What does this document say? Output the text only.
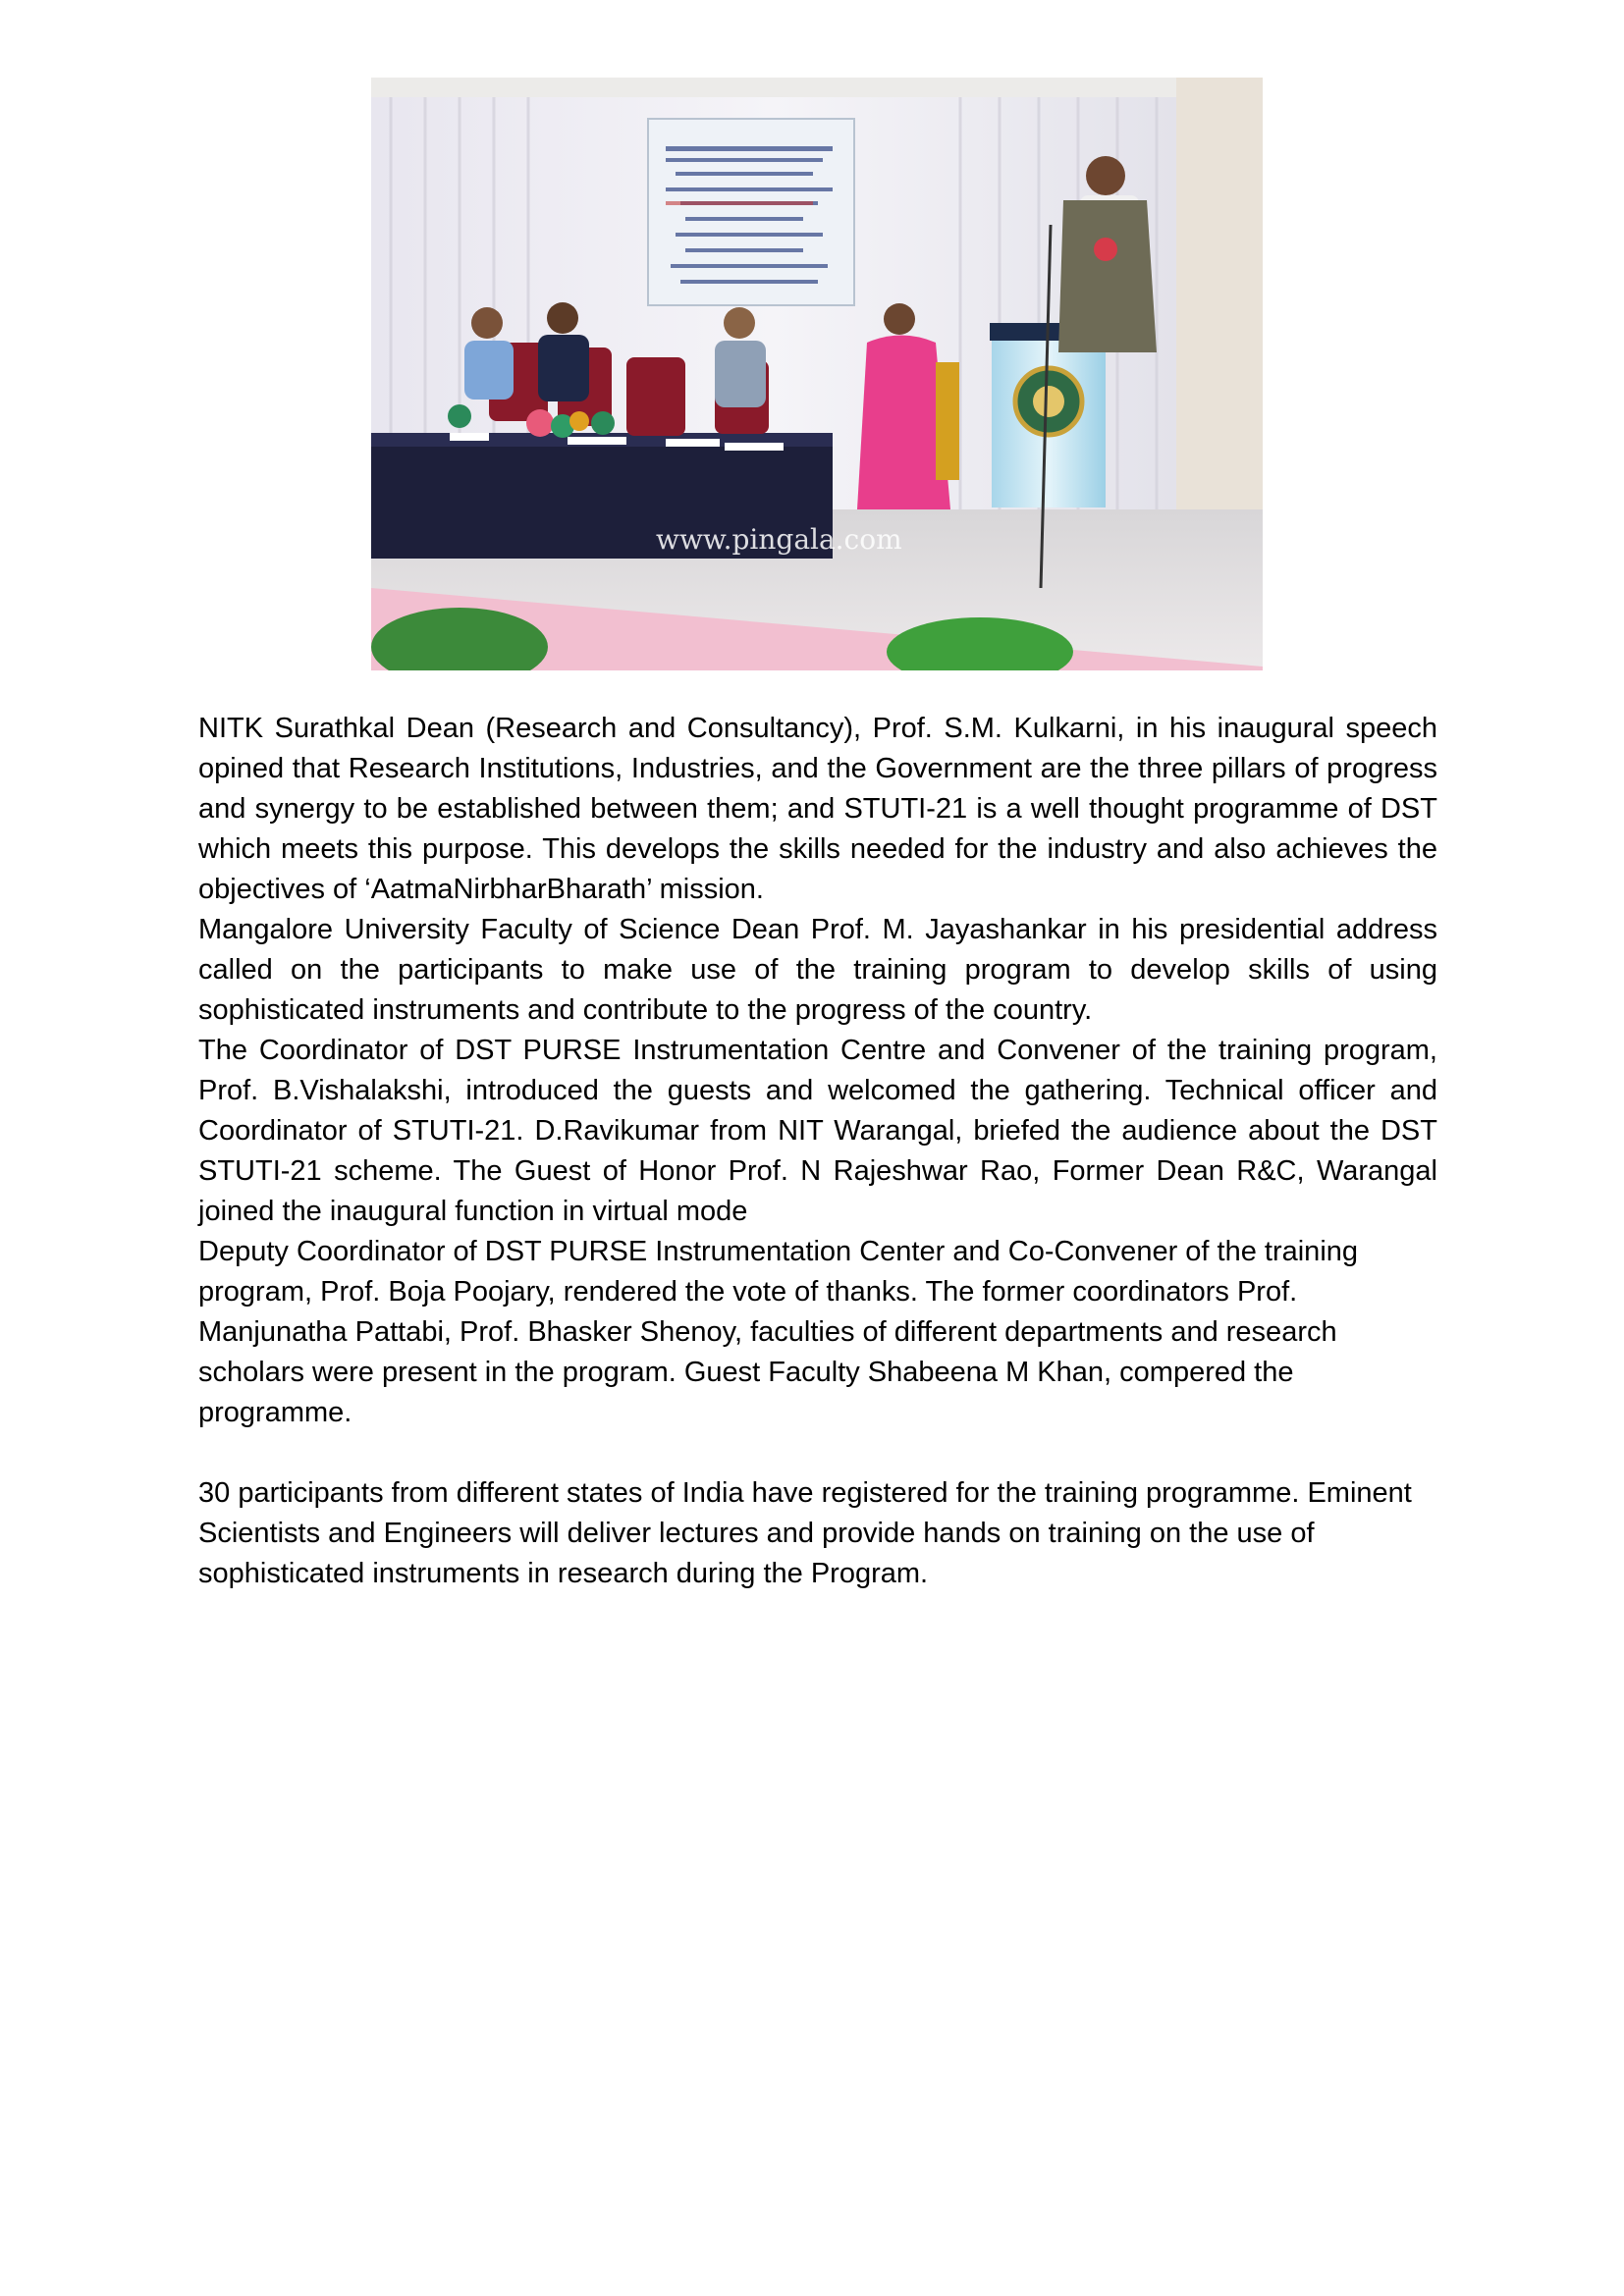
www.pingala.com

NITK Surathkal Dean (Research and Consultancy), Prof. S.M. Kulkarni, in his inaugural speech opined that Research Institutions, Industries, and the Government are the three pillars of progress and synergy to be established between them; and STUTI-21 is a well thought programme of DST which meets this purpose. This develops the skills needed for the industry and also achieves the objectives of ‘AatmaNirbharBharath’ mission.

Mangalore University Faculty of Science Dean Prof. M. Jayashankar in his presidential address called on the participants to make use of the training program to develop skills of using sophisticated instruments and contribute to the progress of the country.

The Coordinator of DST PURSE Instrumentation Centre and Convener of the training program, Prof. B.Vishalakshi, introduced the guests and welcomed the gathering. Technical officer and Coordinator of STUTI-21. D.Ravikumar from NIT Warangal, briefed the audience about the DST STUTI-21 scheme. The Guest of Honor Prof. N Rajeshwar Rao, Former Dean R&C, Warangal joined the inaugural function in virtual mode

Deputy Coordinator of DST PURSE Instrumentation Center and Co-Convener of the training program, Prof. Boja Poojary, rendered the vote of thanks. The former coordinators Prof. Manjunatha Pattabi, Prof. Bhasker Shenoy, faculties of different departments and research scholars were present in the program. Guest Faculty Shabeena M Khan, compered the programme.

30 participants from different states of India have registered for the training programme. Eminent Scientists and Engineers will deliver lectures and provide hands on training on the use of sophisticated instruments in research during the Program.
